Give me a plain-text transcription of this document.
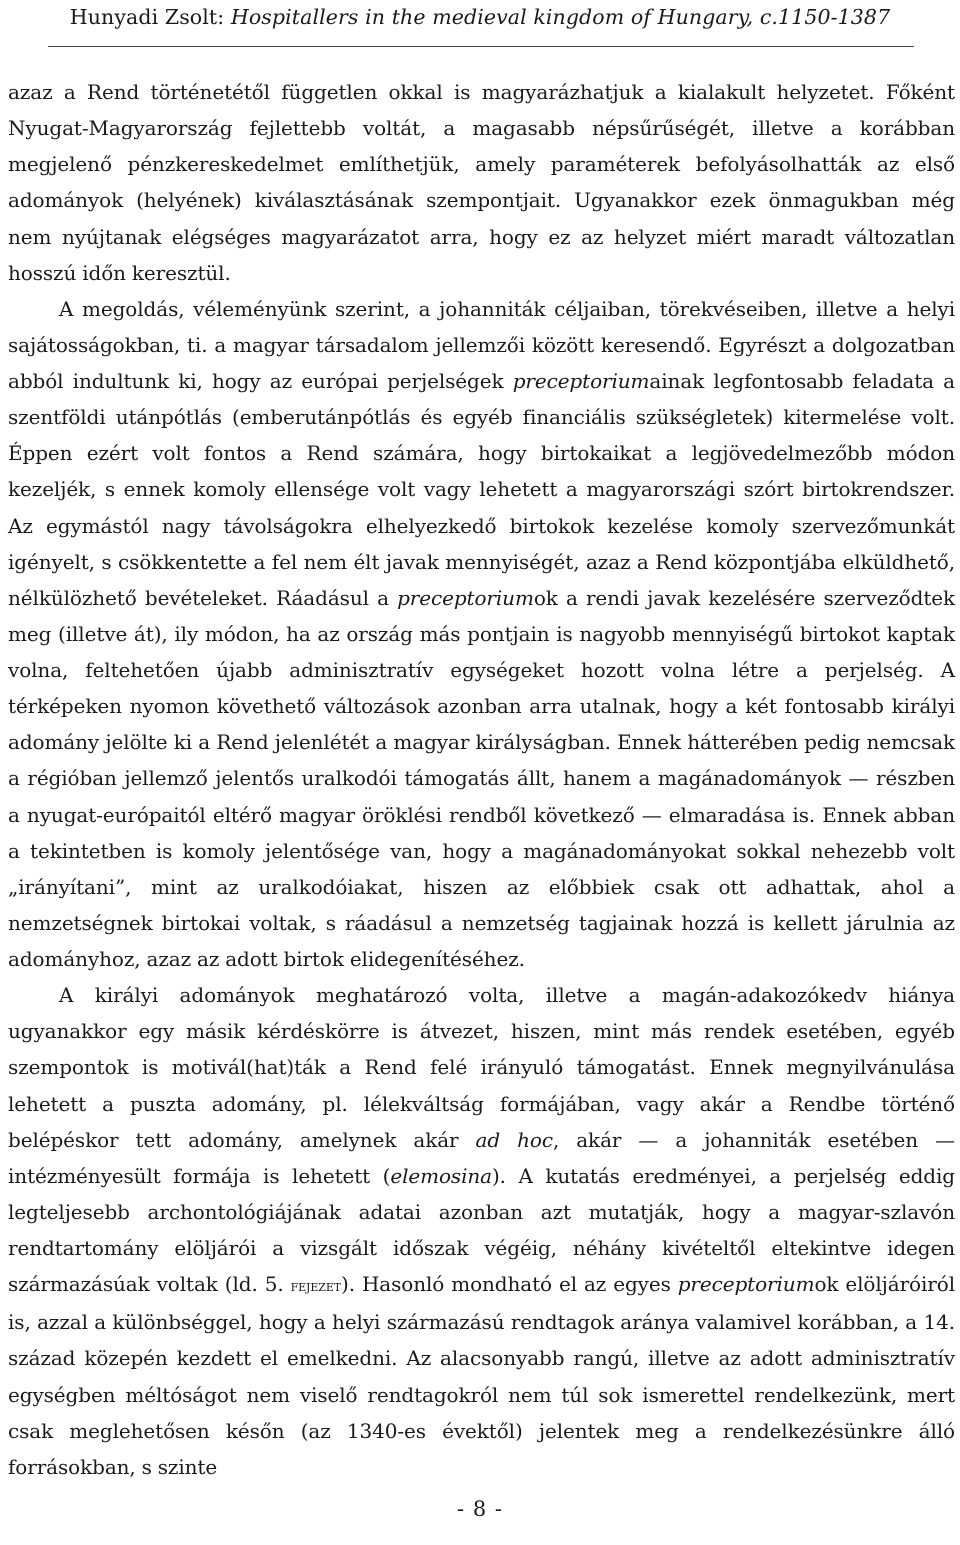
Hunyadi Zsolt: Hospitallers in the medieval kingdom of Hungary, c.1150-1387

azaz a Rend történetétől független okkal is magyarázhatjuk a kialakult helyzetet. Főként Nyugat-Magyarország fejlettebb voltát, a magasabb népsűrűségét, illetve a korábban megjelenő pénzkereskedelmet említhetjük, amely paraméterek befolyásolhatták az első adományok (helyének) kiválasztásának szempontjait. Ugyanakkor ezek önmagukban még nem nyújtanak elégséges magyarázatot arra, hogy ez az helyzet miért maradt változatlan hosszú időn keresztül.

A megoldás, véleményünk szerint, a johanniták céljaiban, törekvéseiben, illetve a helyi sajátosságokban, ti. a magyar társadalom jellemzői között keresendő. Egyrészt a dolgozatban abból indultunk ki, hogy az európai perjelségek preceptoriumainak legfontosabb feladata a szentföldi utánpótlás (emberutánpótlás és egyéb financiális szükségletek) kitermelése volt. Éppen ezért volt fontos a Rend számára, hogy birtokaikat a legjövedelmezőbb módon kezeljék, s ennek komoly ellensége volt vagy lehetett a magyarországi szórt birtokrendszer. Az egymástól nagy távolságokra elhelyezkedő birtokok kezelése komoly szervezőmunkát igényelt, s csökkentette a fel nem élt javak mennyiségét, azaz a Rend központjába elküldhető, nélkülözhető bevételeket. Ráadásul a preceptoriumok a rendi javak kezelésére szerveződtek meg (illetve át), ily módon, ha az ország más pontjain is nagyobb mennyiségű birtokot kaptak volna, feltehetően újabb adminisztratív egységeket hozott volna létre a perjelség. A térképeken nyomon követhető változások azonban arra utalnak, hogy a két fontosabb királyi adomány jelölte ki a Rend jelenlétét a magyar királyságban. Ennek hátterében pedig nemcsak a régióban jellemző jelentős uralkodói támogatás állt, hanem a magánadományok — részben a nyugat-európaitól eltérő magyar öröklési rendből következő — elmaradása is. Ennek abban a tekintetben is komoly jelentősége van, hogy a magánadományokat sokkal nehezebb volt „irányítani”, mint az uralkodóiakat, hiszen az előbbiek csak ott adhattak, ahol a nemzetségnek birtokai voltak, s ráadásul a nemzetség tagjainak hozzá is kellett járulnia az adományhoz, azaz az adott birtok elidegenítéséhez.

A királyi adományok meghatározó volta, illetve a magán-adakozókedv hiánya ugyanakkor egy másik kérdéskörre is átvezet, hiszen, mint más rendek esetében, egyéb szempontok is motivál(hat)ták a Rend felé irányuló támogatást. Ennek megnyilvánulása lehetett a puszta adomány, pl. lélekváltság formájában, vagy akár a Rendbe történő belépéskor tett adomány, amelynek akár ad hoc, akár — a johanniták esetében — intézményesült formája is lehetett (elemosina). A kutatás eredményei, a perjelség eddig legteljesebb archontológiájának adatai azonban azt mutatják, hogy a magyar-szlavón rendtartomány elöljárói a vizsgált időszak végéig, néhány kivételtől eltekintve idegen származásúak voltak (ld. 5. fejezet). Hasonló mondható el az egyes preceptoriumok elöljáróiról is, azzal a különbséggel, hogy a helyi származású rendtagok aránya valamivel korábban, a 14. század közepén kezdett el emelkedni. Az alacsonyabb rangú, illetve az adott adminisztratív egységben méltóságot nem viselő rendtagokról nem túl sok ismerettel rendelkezünk, mert csak meglehetősen későn (az 1340-es évektől) jelentek meg a rendelkezésünkre álló forrásokban, s szinte

- 8 -
